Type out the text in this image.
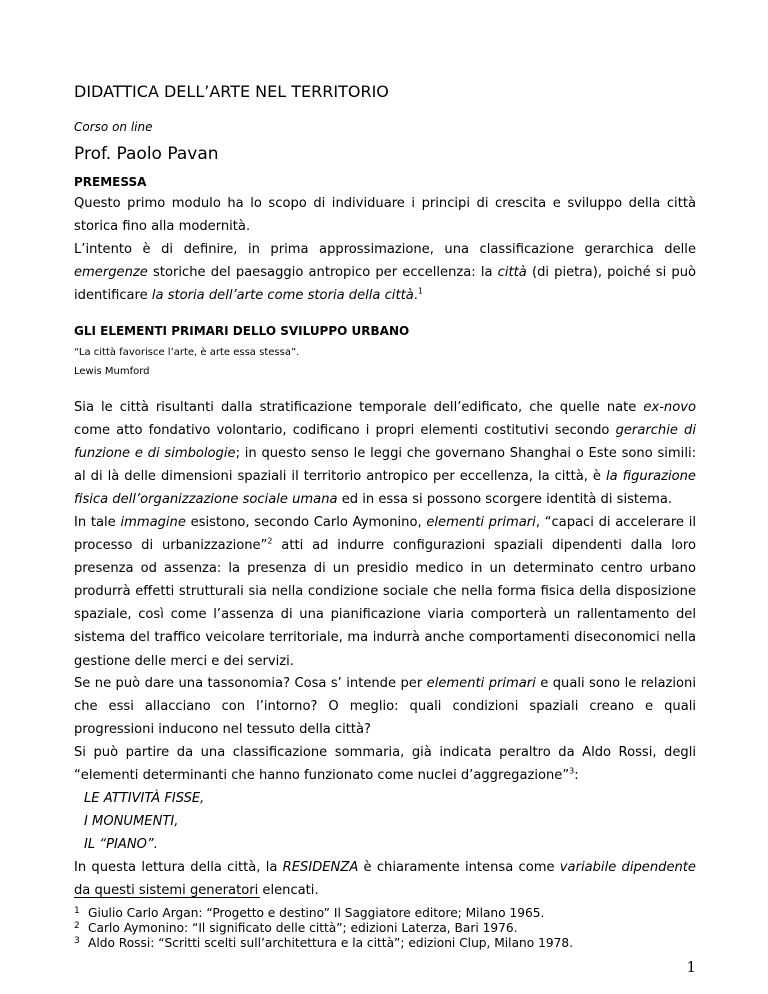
DIDATTICA DELL’ARTE NEL TERRITORIO
Corso on line
Prof. Paolo Pavan
PREMESSA

Questo primo modulo ha lo scopo di individuare i principi di crescita e sviluppo della città storica fino alla modernità.

L’intento è di definire, in prima approssimazione, una classificazione gerarchica delle emergenze storiche del paesaggio antropico per eccellenza: la città (di pietra), poiché si può identificare la storia dell’arte come storia della città.$^1$

GLI ELEMENTI PRIMARI DELLO SVILUPPO URBANO
“La città favorisce l’arte, è arte essa stessa”.
Lewis Mumford

Sia le città risultanti dalla stratificazione temporale dell’edificato, che quelle nate ex-novo come atto fondativo volontario, codificano i propri elementi costitutivi secondo gerarchie di funzione e di simbologie; in questo senso le leggi che governano Shanghai o Este sono simili: al di là delle dimensioni spaziali il territorio antropico per eccellenza, la città, è la figurazione fisica dell’organizzazione sociale umana ed in essa si possono scorgere identità di sistema.

In tale immagine esistono, secondo Carlo Aymonino, elementi primari, “capaci di accelerare il processo di urbanizzazione”$^2$ atti ad indurre configurazioni spaziali dipendenti dalla loro presenza od assenza: la presenza di un presidio medico in un determinato centro urbano produrrà effetti strutturali sia nella condizione sociale che nella forma fisica della disposizione spaziale, così come l’assenza di una pianificazione viaria comporterà un rallentamento del sistema del traffico veicolare territoriale, ma indurrà anche comportamenti diseconomici nella gestione delle merci e dei servizi.

Se ne può dare una tassonomia? Cosa s’ intende per elementi primari e quali sono le relazioni che essi allacciano con l’intorno? O meglio: quali condizioni spaziali creano e quali progressioni inducono nel tessuto della città?

Si può partire da una classificazione sommaria, già indicata peraltro da Aldo Rossi, degli “elementi determinanti che hanno funzionato come nuclei d’aggregazione”$^3$:

LE ATTIVITÀ FISSE,
I MONUMENTI,
IL “PIANO”.

In questa lettura della città, la RESIDENZA è chiaramente intensa come variabile dipendente da questi sistemi generatori elencati.

1 Giulio Carlo Argan: “Progetto e destino” Il Saggiatore editore; Milano 1965.
2 Carlo Aymonino: “Il significato delle città”; edizioni Laterza, Bari 1976.
3 Aldo Rossi: “Scritti scelti sull’architettura e la città”; edizioni Clup, Milano 1978.
1
